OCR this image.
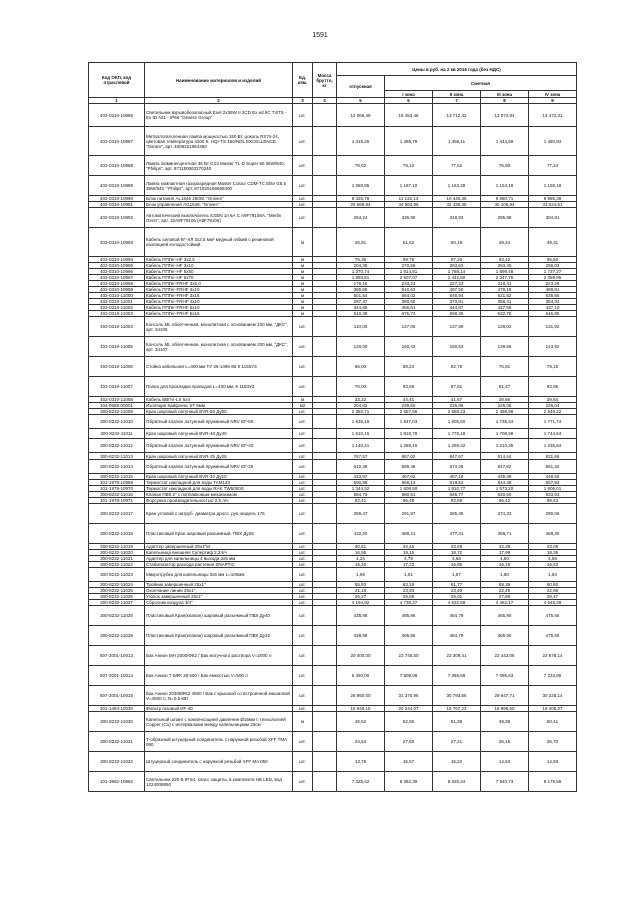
1591
Код ОКП, код отраслевой	Наименование материалов и изделий	Ед. изм.	Масса брутто, кг	Цены в руб. на 2 кв 2016 года (без НДС)				
				отпускная	Сметная			
					I зона	II зона	III зона	IV зона
1	2	3	4	5	6	7	8	9
402-0310-10986	Светильник взрывобезопасный Exel 2x36W II 2CD Ex ed IIC T4/T5 - Ex tD A21 - IP66 "Gewiss Group"	шт.		12 065,49	15 453,46	13 712,42	13 074,94	13 472,31
402-0310-10987	Металлогалогенная лампа мощностью 150 Вт, цоколь RX7s-24, цветовая температура 4200 К. HQI-TS 150/NDL EXCELLENCE. "Osram", арт. 4008321964360	шт.		1 315,25	1 485,79	1 456,11	1 444,59	1 450,84
402-0310-10988	Лампа люминесцентная 36 Вт G13 Master TL-D Super 80 36W/840. "Philips", арт. 871150063270240	шт.		78,02	79,10	77,52	76,90	77,24
402-0310-10989	Лампа компактная газоразрядная Master Colour CDM-TC Elite G8.5 35W/942. "Philips", арт. 871829168668400	шт.		1 060,85	1 187,10	1 163,39	1 154,18	1 159,18
402-0310-10990	Блок питания AL1546 260W. "Gniven"	шт.		8 326,78	11 132,13	10 445,35	9 880,71	9 986,39
402-0310-10991	Блок управления AG1548. "Gniven"	шт.		25 668,84	34 563,96	32 430,35	30 105,94	31 024,51
402-0310-10992	Автоматический выключатель iC60N 1п 6А C A9F79106A. "Merlin Gerin", арт. 32A9F79106 (A9F79106)	шт.		264,24	336,90	318,93	295,88	304,91
402-0310-10993	Кабель силовой КГ-ХЛ 3х2,5 мм² медный гибкий с резиновой изоляцией холодостойкий	м		26,91	51,52	50,19	48,24	49,31
402-0310-10994	Кабель ППГнг-HF 3х2,5	м		75,35	99,76	97,20	93,42	95,50
402-0310-10995	Кабель ППГнг-HF 3х10	м		204,38	270,59	263,63	253,40	259,03
402-0310-10996	Кабель ППГнг-HF 5х50	м		1 370,74	1 814,81	1 768,14	1 699,48	1 737,27
402-0310-10997	Кабель ППГнг-HF 5х70	м		1 893,81	2 507,07	2 442,60	2 347,75	2 399,95
402-0310-10998	Кабель ППГнг-FRHF 3х6,0	м		176,16	233,23	227,23	218,41	223,26
402-0310-10999	Кабель ППГнг-FRHF 3х10	м		385,69	510,63	497,50	478,18	488,81
402-0310-11000	Кабель ППГнг-FRHF 3х16	м		501,54	664,02	646,94	621,82	635,65
402-0310-11001	Кабель ППГнг-FRHF 4х10	м		287,47	380,60	370,81	356,41	364,34
402-0310-11002	Кабель ППГнг-FRHF 5х10	м		344,85	456,61	444,87	427,59	437,10
402-0310-11003	Кабель ППГнг-FRHF 5х16	м		510,38	675,72	658,35	632,78	646,85
402-0310-11004	Консоль ML облегченная, монолитная с основанием 100 мм. "ДКС", арт. 34105	шт.		110,00	147,06	137,99	128,02	131,92
402-0310-11005	Консоль ML облегченная, монолитная с основанием 200 мм. "ДКС", арт. 34107	шт.		120,00	160,43	150,53	139,66	143,92
402-0310-11006	Стойка кабельная L=400 мм ТУ 36-1496-85 К 1150УЗ	шт.		66,00	88,24	82,79	76,81	79,15
402-0310-11007	Полка для прокладки проводов L=430 мм, К 1163УЗ	шт.		70,00	93,58	87,81	81,47	83,95
402-0310-11008	Кабель ВВГнг-LS 5х4	м		33,22	44,41	41,67	38,66	39,84
104-0688-00001	Изоляция Кайфлекс ST 6мм	м2		204,82	239,60	226,86	225,06	226,04
300-8232-11009	Кран шаровый латунный BVR-50 Ду50	шт.		2 352,71	2 657,56	2 568,23	2 498,99	2 549,22
300-8232-11010	Обратный клапан латунный пружинный NRV EF-50	шт.		1 635,16	1 847,03	1 805,60	1 735,44	1 771,74
300-8232-11011	Кран шаровый латунный BVR-40 Ду40	шт.		1 610,15	1 818,78	1 778,18	1 708,99	1 744,64
300-8232-11012	Обратный клапан латунный пружинный NRV EF-40	шт.		1 140,41	1 288,15	1 259,42	1 210,35	1 235,64
300-8232-11013	Кран шаровый латунный BVR-25 Ду25	шт.		767,57	867,02	847,67	814,64	831,66
300-8232-11014	Обратный клапан латунный пружинный NRV EF-25	шт.		610,38	689,46	674,09	647,82	661,32
300-8232-11015	Кран шаровый латунный BVR-10 Ду10	шт.		413,97	467,62	457,18	439,38	448,55
101-1978-10969	Термостат накладной для воды TAM123	шт.		590,85	668,13	618,52	644,49	657,93
101-1978-10970	Термостат накладной для воды RAK TW5000S	шт.		1 344,52	1 608,50	1 510,77	1 573,20	1 606,01
300-8232-11016	Клапан ПВК 2" с поплавковым механизмом	шт.		584,75	680,51	645,77	620,60	633,53
101-1978-10971	Форсунка производительностью 2,5 л/ч	шт.		82,41	96,48	92,59	96,42	98,43
300-8232-11017	Кран угловой с натруб. диаметра дросс. рук. модель 176	шт.		259,47	291,97	285,45	274,33	280,06
300-8232-11018	Пластиковый Кран шаровый разъемный. ПВХ Ду25	шт.		432,20	488,21	477,31	458,71	468,30
300-8232-11019	Адаптер завершенный 25х1"М	шт.		30,51	34,46	33,69	32,38	33,06
300-8232-11020	Капельница внешняя Супертиф 2,2л/ч	шт.		16,95	19,15	18,72	17,99	18,36
300-8232-11021	Адаптер для капельницы 4 выхода 3х5 мм	шт.		4,24	4,79	4,68	4,50	4,59
300-8232-11022	Стабилизатор расхода растения SNAPTIC	шт.		15,25	17,23	16,85	16,19	16,53
300-8232-11023	Микротрубка для капельницы 3х5 мм L=100мм	шт.		1,69	1,91	1,87	1,80	1,84
300-8232-11024	Тройник завершенный 25х1"	шт.		55,93	63,18	61,77	59,36	60,60
300-8232-11025	Окончание линии 25х1"	шт.		21,19	23,93	23,40	22,49	22,96
300-8232-11026	Уголок завершенный 25х1"	шт.		26,27	29,68	29,01	27,88	28,47
300-8232-11027	Сбросник воздуха 3/4"	шт.		4 194,92	4 738,47	4 632,68	4 452,17	4 545,28
300-8232-11028	Пластиковый Кран(клапан) шаровый разъемный ПВХ Ду40	шт.		438,98	495,86	484,79	465,90	475,65
300-8232-11029	Пластиковый Кран(клапан) шаровый разъемный ПВХ Ду32	шт.		438,98	495,86	484,79	465,90	475,65
507-2001-10013	Бак Анион МН 2000/ФК2 / Бак могучного раствора V=2000 л	шт.		20 400,00	23 746,50	23 309,41	22 442,05	22 878,14
507-2001-10014	Бак Анион Т БФК 28 500 / Бак емкостью V=500 л	шт.		6 450,00	7 509,09	7 366,69	7 095,63	7 233,85
507-2001-10015	Бак Анион 2030ВФК2 4500 / Бак с крышкой со встроенной мешалкой V=4500 л, N=0,5 кВт	шт.		26 950,00	31 370,96	30 793,56	29 647,71	30 225,14
301-1494-10030	Фильтр газовый ИF-40	шт.		15 949,15	20 244,07	19 767,22	18 996,50	19 405,07
300-8232-11030	Капельный шланг с компенсацией давления Ø16мм с технологией Copper (Cu) с интервалами между капельницами 33см	м		46,52	52,55	51,38	49,38	50,41
300-8232-11031	Т-образный штуцерный соединитель с наружной резьбой XFF TMA 050	шт.		24,64	27,83	27,21	26,15	26,70
300-8232-11032	Штуцерный соединитель с наружной резьбой XFF MA 050	шт.		13,78	15,57	15,22	14,63	14,93
101-3862-10882	Светильник 220 В IP 54, класс защиты, в комплекте НВ LED, вод 1224008950	шт.		7 325,42	9 382,39	8 325,34	7 940,73	8 179,56
